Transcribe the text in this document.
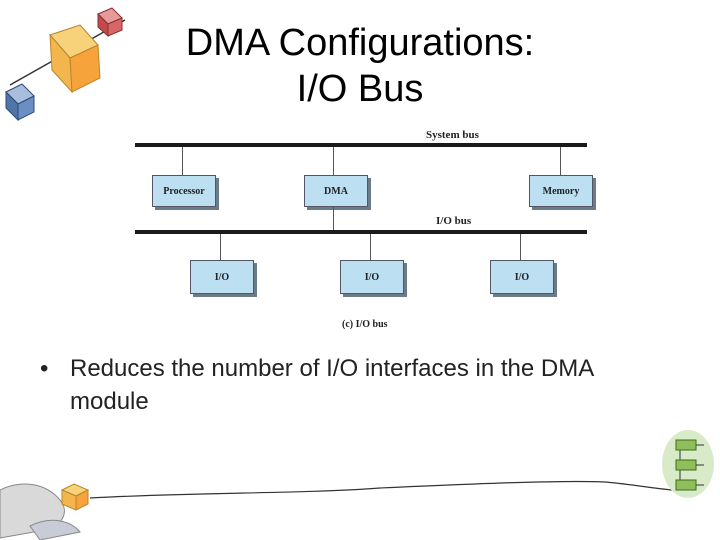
DMA Configurations:
I/O Bus
System bus
Processor	DMA	Memory
I/O bus
I/O	I/O	I/O
(c) I/O bus
• Reduces the number of I/O interfaces in the DMA module
